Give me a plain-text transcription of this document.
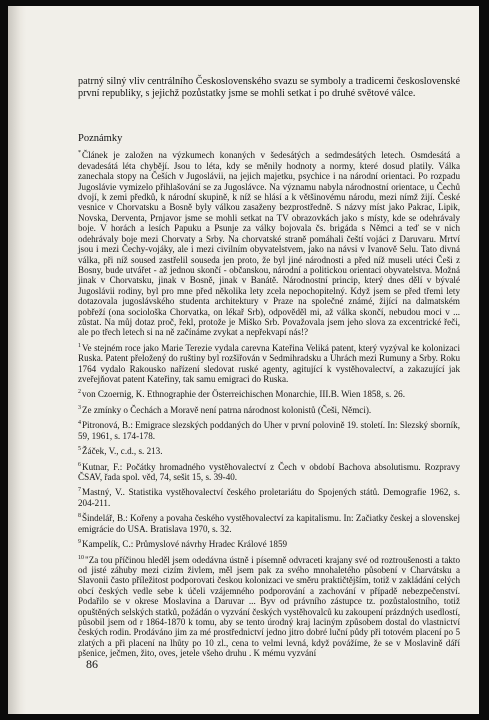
patrný silný vliv centrálního Československého svazu se symboly a tradicemi československé první republiky, s jejichž pozůstatky jsme se mohli setkat i po druhé světové válce.

Poznámky

*Článek je založen na výzkumech konaných v šedesátých a sedmdesátých letech. Osmdesátá a devadesátá léta chybějí. Jsou to léta, kdy se měnily hodnoty a normy, které dosud platily. Válka zanechala stopy na Češích v Jugoslávii, na jejich majetku, psychice i na národní orientaci. Po rozpadu Jugoslávie vymizelo přihlašování se za Jugoslávce. Na významu nabyla národnostní orientace, u Čechů dvojí, k zemi předků, k národní skupině, k níž se hlásí a k většinovému národu, mezi nímž žijí. České vesnice v Chorvatsku a Bosně byly válkou zasaženy bezprostředně. S názvy míst jako Pakrac, Lipik, Novska, Derventa, Prnjavor jsme se mohli setkat na TV obrazovkách jako s místy, kde se odehrávaly boje. V horách a lesích Papuku a Psunje za války bojovala čs. brigáda s Němci a teď se v nich odehrávaly boje mezi Chorvaty a Srby. Na chorvatské straně pomáhali čeští vojáci z Daruvaru. Mrtví jsou i mezi Čechy-vojáky, ale i mezi civilním obyvatelstvem, jako na návsi v Ivanově Selu. Tato divná válka, při níž soused zastřelil souseda jen proto, že byl jiné národnosti a před níž museli utéci Češi z Bosny, bude utvářet - až jednou skončí - občanskou, národní a politickou orientaci obyvatelstva. Možná jinak v Chorvatsku, jinak v Bosně, jinak v Banátě. Národnostní princip, který dnes dělí v bývalé Jugoslávii rodiny, byl pro mne před několika lety zcela nepochopitelný. Když jsem se před třemi lety dotazovala jugoslávského studenta architektury v Praze na společné známé, žijící na dalmatském pobřeží (ona sociološka Chorvatka, on lékař Srb), odpověděl mi, až válka skončí, nebudou moci v ... zůstat. Na můj dotaz proč, řekl, protože je Miško Srb. Považovala jsem jeho slova za excentrické řeči, ale po třech letech si na ně začínáme zvykat a nepřekvapí nás!?

$^1$Ve stejném roce jako Marie Terezie vydala carevna Kateřina Veliká patent, který vyzýval ke kolonizaci Ruska. Patent přeložený do ruštiny byl rozšiřován v Sedmihradsku a Uhrách mezi Rumuny a Srby. Roku 1764 vydalo Rakousko nařízení sledovat ruské agenty, agitující k vystěhovalectví, a zakazující jak zveřejňovat patent Kateřiny, tak samu emigraci do Ruska.

$^2$von Czoernig, K. Ethnographie der Österreichischen Monarchie, III.B. Wien 1858, s. 26.

$^3$Ze zmínky o Čechách a Moravě není patrna národnost kolonistů (Češi, Němci).

$^4$Pitronová, B.: Emigrace slezských poddaných do Uher v první polovině 19. století. In: Slezský sborník, 59, 1961, s. 174-178.

$^5$Žáček, V., c.d., s. 213.

$^6$Kutnar, F.: Počátky hromadného vystěhovalectví z Čech v období Bachova absolutismu. Rozpravy ČSAV, řada spol. věd, 74, sešit 15, s. 39-40.

$^7$Mastný, V.. Statistika vystěhovalectví českého proletariátu do Spojených států. Demografie 1962, s. 204-211.

$^8$Šindelář, B.: Kořeny a povaha českého vystěhovalectví za kapitalismu. In: Začiatky českej a slovenskej emigrácie do USA. Bratislava 1970, s. 32.

$^9$Kampelík, C.: Průmyslové návrhy Hradec Králové 1859

$^{10}$"Za tou příčinou hleděl jsem odedávna ústně i písemně odvraceti krajany své od roztroušenosti a takto od jisté záhuby mezi cizím živlem, měl jsem pak za svého mnohaletého působení v Charvátsku a Slavonii často příležitost podporovati českou kolonizaci ve směru praktičtějším, totiž v zakládání celých obcí českých vedle sebe k účeli vzájemného podporování a zachování v případě nebezpečenství. Podařilo se v okrese Moslavina a Daruvar ... Byv od právního zástupce tz. pozůstalostního, totiž opuštěných selských statků, požádán o vyzvání českých vystěhovalců ku zakoupení prázdných usedlostí, působil jsem od r 1864-1870 k tomu, aby se tento úrodný kraj laciným způsobem dostal do vlastnictví českých rodin. Prodáváno jim za mé prostřednictví jedno jitro dobré luční půdy při totovém placení po 5 zlatých a při placení na lhůty po 10 zl., cena to velmi levná, když povážíme, že se v Moslavině dáří pšenice, ječmen, žito, oves, jetele všeho druhu . K mému vyzvání

86
